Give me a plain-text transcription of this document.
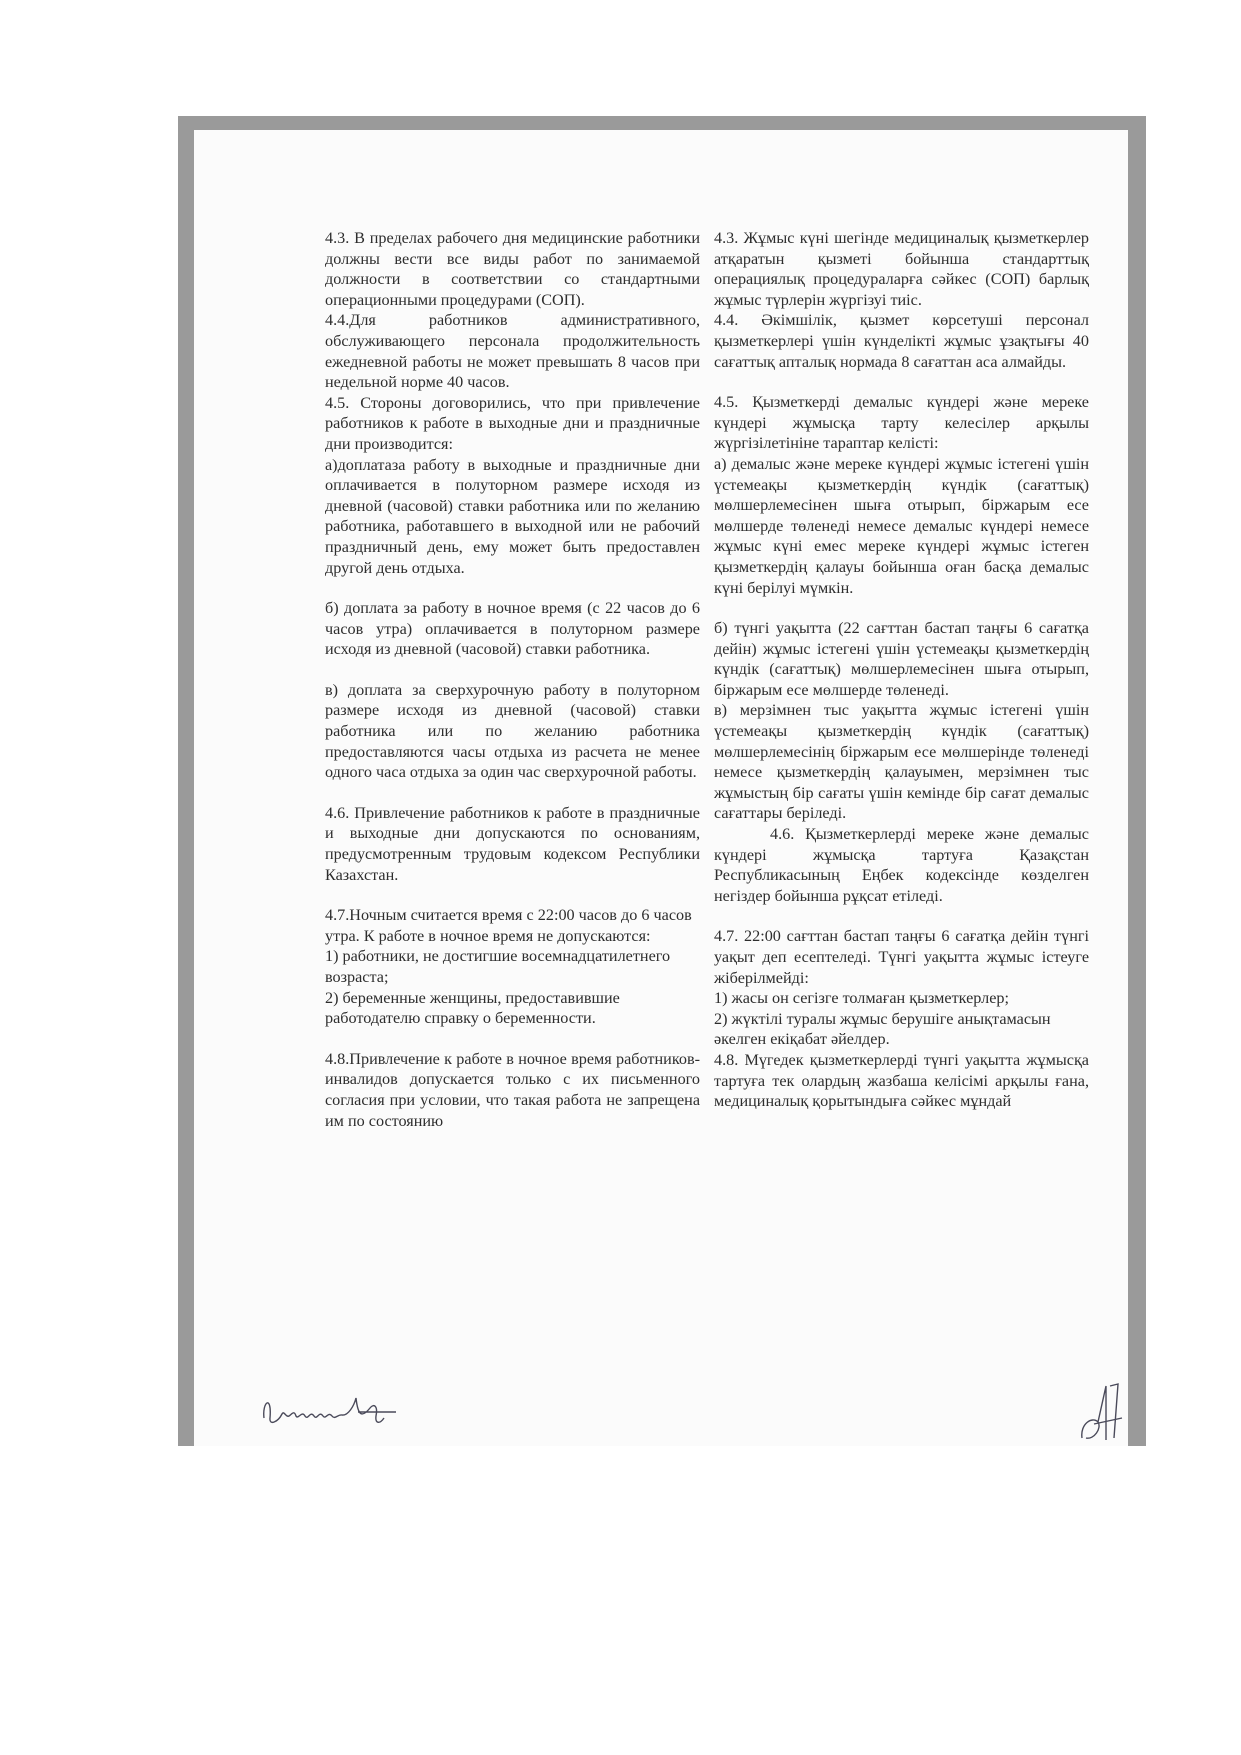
4.3. В пределах рабочего дня медицинские работники должны вести все виды работ по занимаемой должности в соответствии со стандартными операционными процедурами (СОП).

4.4.Для работников административного, обслуживающего персонала продолжительность ежедневной работы не может превышать 8 часов при недельной норме 40 часов.

4.5. Стороны договорились, что при привлечение работников к работе в выходные дни и праздничные дни производится:

а)доплатаза работу в выходные и праздничные дни оплачивается в полуторном размере исходя из дневной (часовой) ставки работника или по желанию работника, работавшего в выходной или не рабочий праздничный день, ему может быть предоставлен другой день отдыха.

б) доплата за работу в ночное время (с 22 часов до 6 часов утра) оплачивается в полуторном размере исходя из дневной (часовой) ставки работника.

в) доплата за сверхурочную работу в полуторном размере исходя из дневной (часовой) ставки работника или по желанию работника предоставляются часы отдыха из расчета не менее одного часа отдыха за один час сверхурочной работы.

4.6. Привлечение работников к работе в праздничные и выходные дни допускаются по основаниям, предусмотренным трудовым кодексом Республики Казахстан.

4.7.Ночным считается время с 22:00 часов до 6 часов утра. К работе в ночное время не допускаются:

1) работники, не достигшие восемнадцатилетнего возраста;

2) беременные женщины, предоставившие работодателю справку о беременности.

4.8.Привлечение к работе в ночное время работников-инвалидов допускается только с их письменного согласия при условии, что такая работа не запрещена им по состоянию

4.3. Жұмыс күні шегінде медициналық қызметкерлер атқаратын қызметі бойынша стандарттық операциялық процедураларға сәйкес (СОП) барлық жұмыс түрлерін жүргізуі тиіс.

4.4. Әкімшілік, қызмет көрсетуші персонал қызметкерлері үшін күнделікті жұмыс ұзақтығы 40 сағаттық апталық нормада 8 сағаттан аса алмайды.

4.5. Қызметкерді демалыс күндері және мереке күндері жұмысқа тарту келесілер арқылы жүргізілетініне тараптар келісті:

а) демалыс және мереке күндері жұмыс істегені үшін үстемеақы қызметкердің күндік (сағаттық) мөлшерлемесінен шыға отырып, біржарым есе мөлшерде төленеді немесе демалыс күндері немесе жұмыс күні емес мереке күндері жұмыс істеген қызметкердің қалауы бойынша оған басқа демалыс күні берілуі мүмкін.

б) түнгі уақытта (22 сағттан бастап таңғы 6 сағатқа дейін) жұмыс істегені үшін үстемеақы қызметкердің күндік (сағаттық) мөлшерлемесінен шыға отырып, біржарым есе мөлшерде төленеді.

в) мерзімнен тыс уақытта жұмыс істегені үшін үстемеақы қызметкердің күндік (сағаттық) мөлшерлемесінің біржарым есе мөлшерінде төленеді немесе қызметкердің қалауымен, мерзімнен тыс жұмыстың бір сағаты үшін кемінде бір сағат демалыс сағаттары беріледі.

4.6. Қызметкерлерді мереке және демалыс күндері жұмысқа тартуға Қазақстан Республикасының Еңбек кодексінде көзделген негіздер бойынша рұқсат етіледі.

4.7. 22:00 сағттан бастап таңғы 6 сағатқа дейін түнгі уақыт деп есептеледі. Түнгі уақытта жұмыс істеуге жіберілмейді:

1) жасы он сегізге толмаған қызметкерлер;

2) жүктілі туралы жұмыс берушіге анықтамасын әкелген екіқабат әйелдер.

4.8. Мүгедек қызметкерлерді түнгі уақытта жұмысқа тартуға тек олардың жазбаша келісімі арқылы ғана, медициналық қорытындыға сәйкес мұндай
